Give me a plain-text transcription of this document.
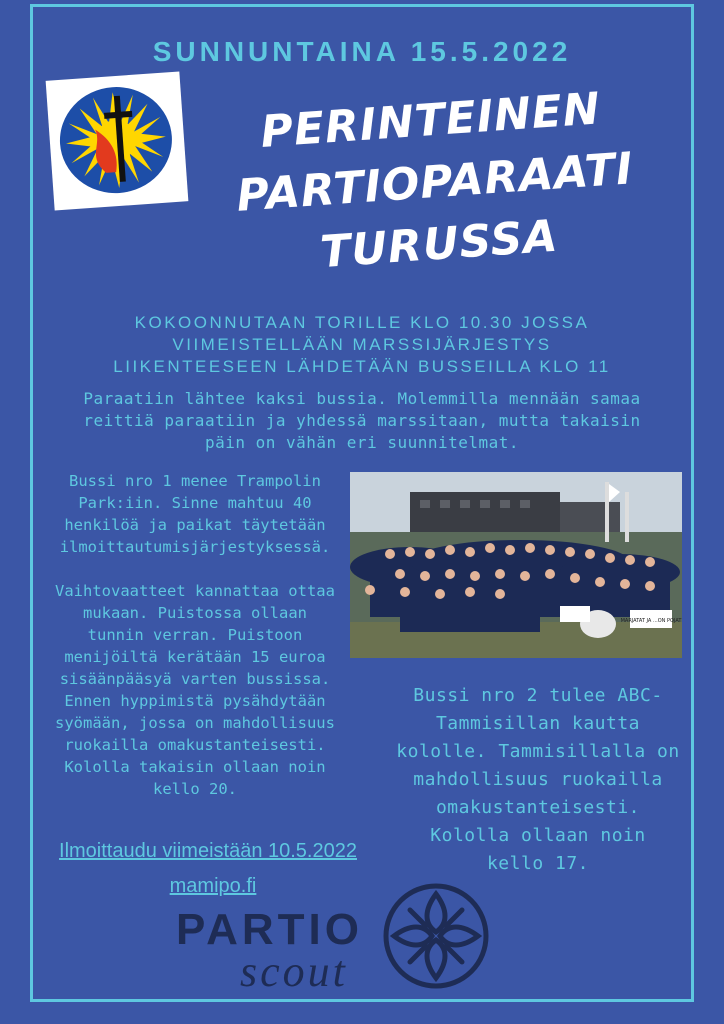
SUNNUNTAINA 15.5.2022
PERINTEINEN
PARTIOPARAATI
TURUSSA
KOKOONNUTAAN TORILLE KLO 10.30 JOSSA
VIIMEISTELLÄÄN MARSSIJÄRJESTYS
LIIKENTEESEEN LÄHDETÄÄN BUSSEILLA KLO 11
Paraatiin lähtee kaksi bussia. Molemmilla mennään samaa
reittiä paraatiin ja yhdessä marssitaan, mutta takaisin
päin on vähän eri suunnitelmat.

Bussi nro 1 menee Trampolin

Park:iin. Sinne mahtuu 40

henkilöä ja paikat täytetään

ilmoittautumisjärjestyksessä.

Vaihtovaatteet kannattaa ottaa

mukaan. Puistossa ollaan

tunnin verran. Puistoon

menijöiltä kerätään 15 euroa

sisäänpääsyä varten bussissa.

Ennen hyppimistä pysähdytään

syömään, jossa on mahdollisuus

ruokailla omakustanteisesti.

Kololla takaisin ollaan noin

kello 20.

MARJATAT JA ...ON POJAT
Bussi nro 2 tulee ABC-
Tammisillan kautta
kololle. Tammisillalla on
mahdollisuus ruokailla
omakustanteisesti.
Kololla ollaan noin
kello 17.
Ilmoittaudu viimeistään 10.5.2022
mamipo.fi
PARTIO
scout
